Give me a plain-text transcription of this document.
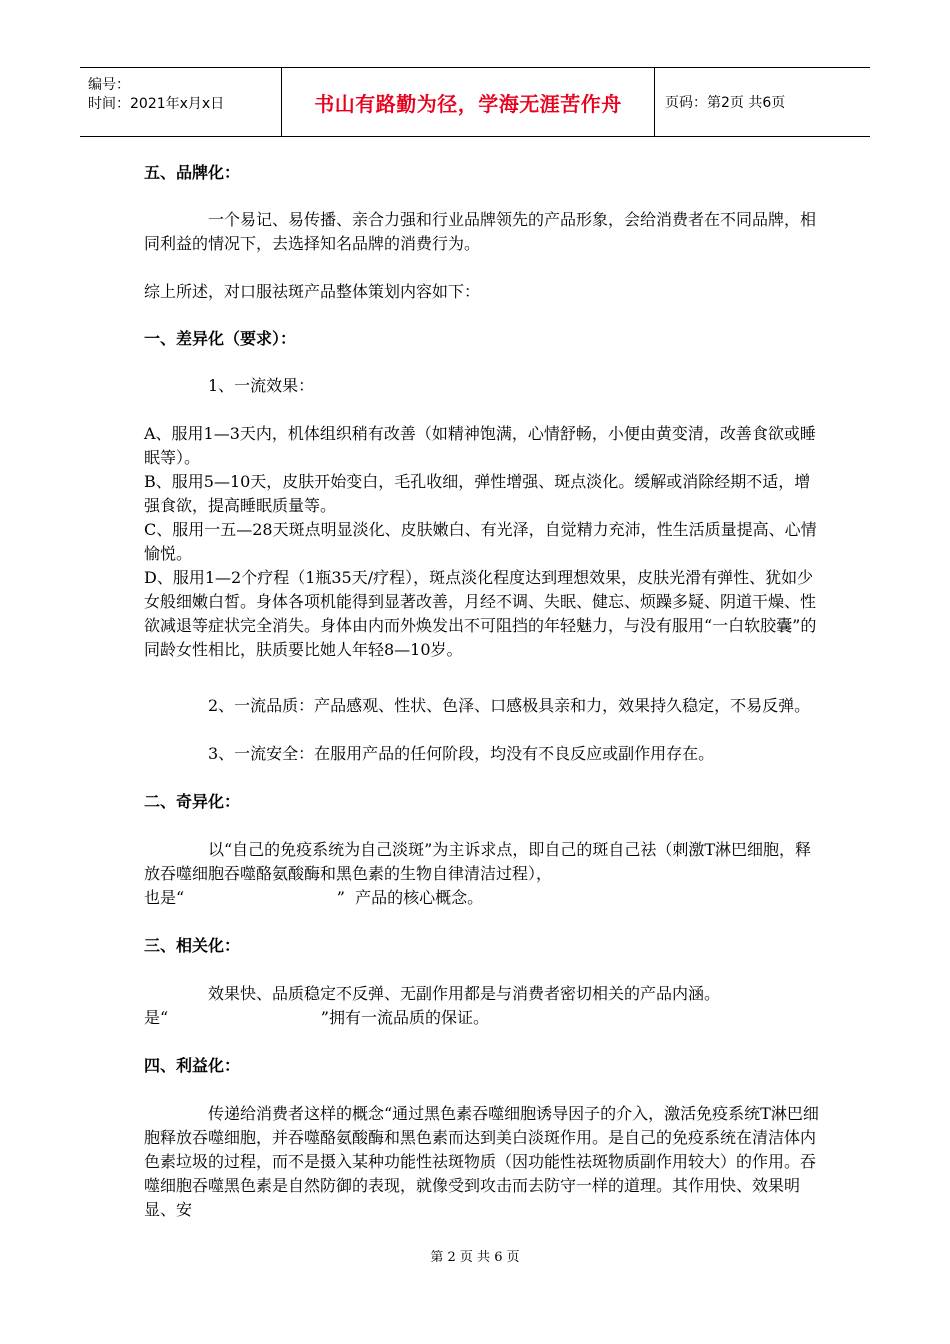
编号：
时间：2021年x月x日	书山有路勤为径，学海无涯苦作舟	页码：第2页 共6页
五、品牌化：
一个易记、易传播、亲合力强和行业品牌领先的产品形象，会给消费者在不同品牌，相同利益的情况下，去选择知名品牌的消费行为。
综上所述，对口服祛斑产品整体策划内容如下：
一、差异化（要求）：
1、一流效果：
A、服用1—3天内，机体组织稍有改善（如精神饱满，心情舒畅，小便由黄变清，改善食欲或睡眠等）。
B、服用5—10天，皮肤开始变白，毛孔收细，弹性增强、斑点淡化。缓解或消除经期不适，增强食欲，提高睡眠质量等。
C、服用一五—28天斑点明显淡化、皮肤嫩白、有光泽，自觉精力充沛，性生活质量提高、心情愉悦。
D、服用1—2个疗程（1瓶35天/疗程），斑点淡化程度达到理想效果，皮肤光滑有弹性、犹如少女般细嫩白皙。身体各项机能得到显著改善，月经不调、失眠、健忘、烦躁多疑、阴道干燥、性欲减退等症状完全消失。身体由内而外焕发出不可阻挡的年轻魅力，与没有服用“一白软胶囊”的同龄女性相比，肤质要比她人年轻8—10岁。
2、一流品质：产品感观、性状、色泽、口感极具亲和力，效果持久稳定，不易反弹。
3、一流安全：在服用产品的任何阶段，均没有不良反应或副作用存在。
二、奇异化：
以“自己的免疫系统为自己淡斑”为主诉求点，即自己的斑自己祛（刺激T淋巴细胞，释放吞噬细胞吞噬酪氨酸酶和黑色素的生物自律清洁过程），
也是“                              ”  产品的核心概念。
三、相关化：
效果快、品质稳定不反弹、无副作用都是与消费者密切相关的产品内涵。
是“                              ”拥有一流品质的保证。
四、利益化：
传递给消费者这样的概念“通过黑色素吞噬细胞诱导因子的介入，激活免疫系统T淋巴细胞释放吞噬细胞，并吞噬酪氨酸酶和黑色素而达到美白淡斑作用。是自己的免疫系统在清洁体内色素垃圾的过程，而不是摄入某种功能性祛斑物质（因功能性祛斑物质副作用较大）的作用。吞噬细胞吞噬黑色素是自然防御的表现，就像受到攻击而去防守一样的道理。其作用快、效果明显、安
第 2 页 共 6 页
